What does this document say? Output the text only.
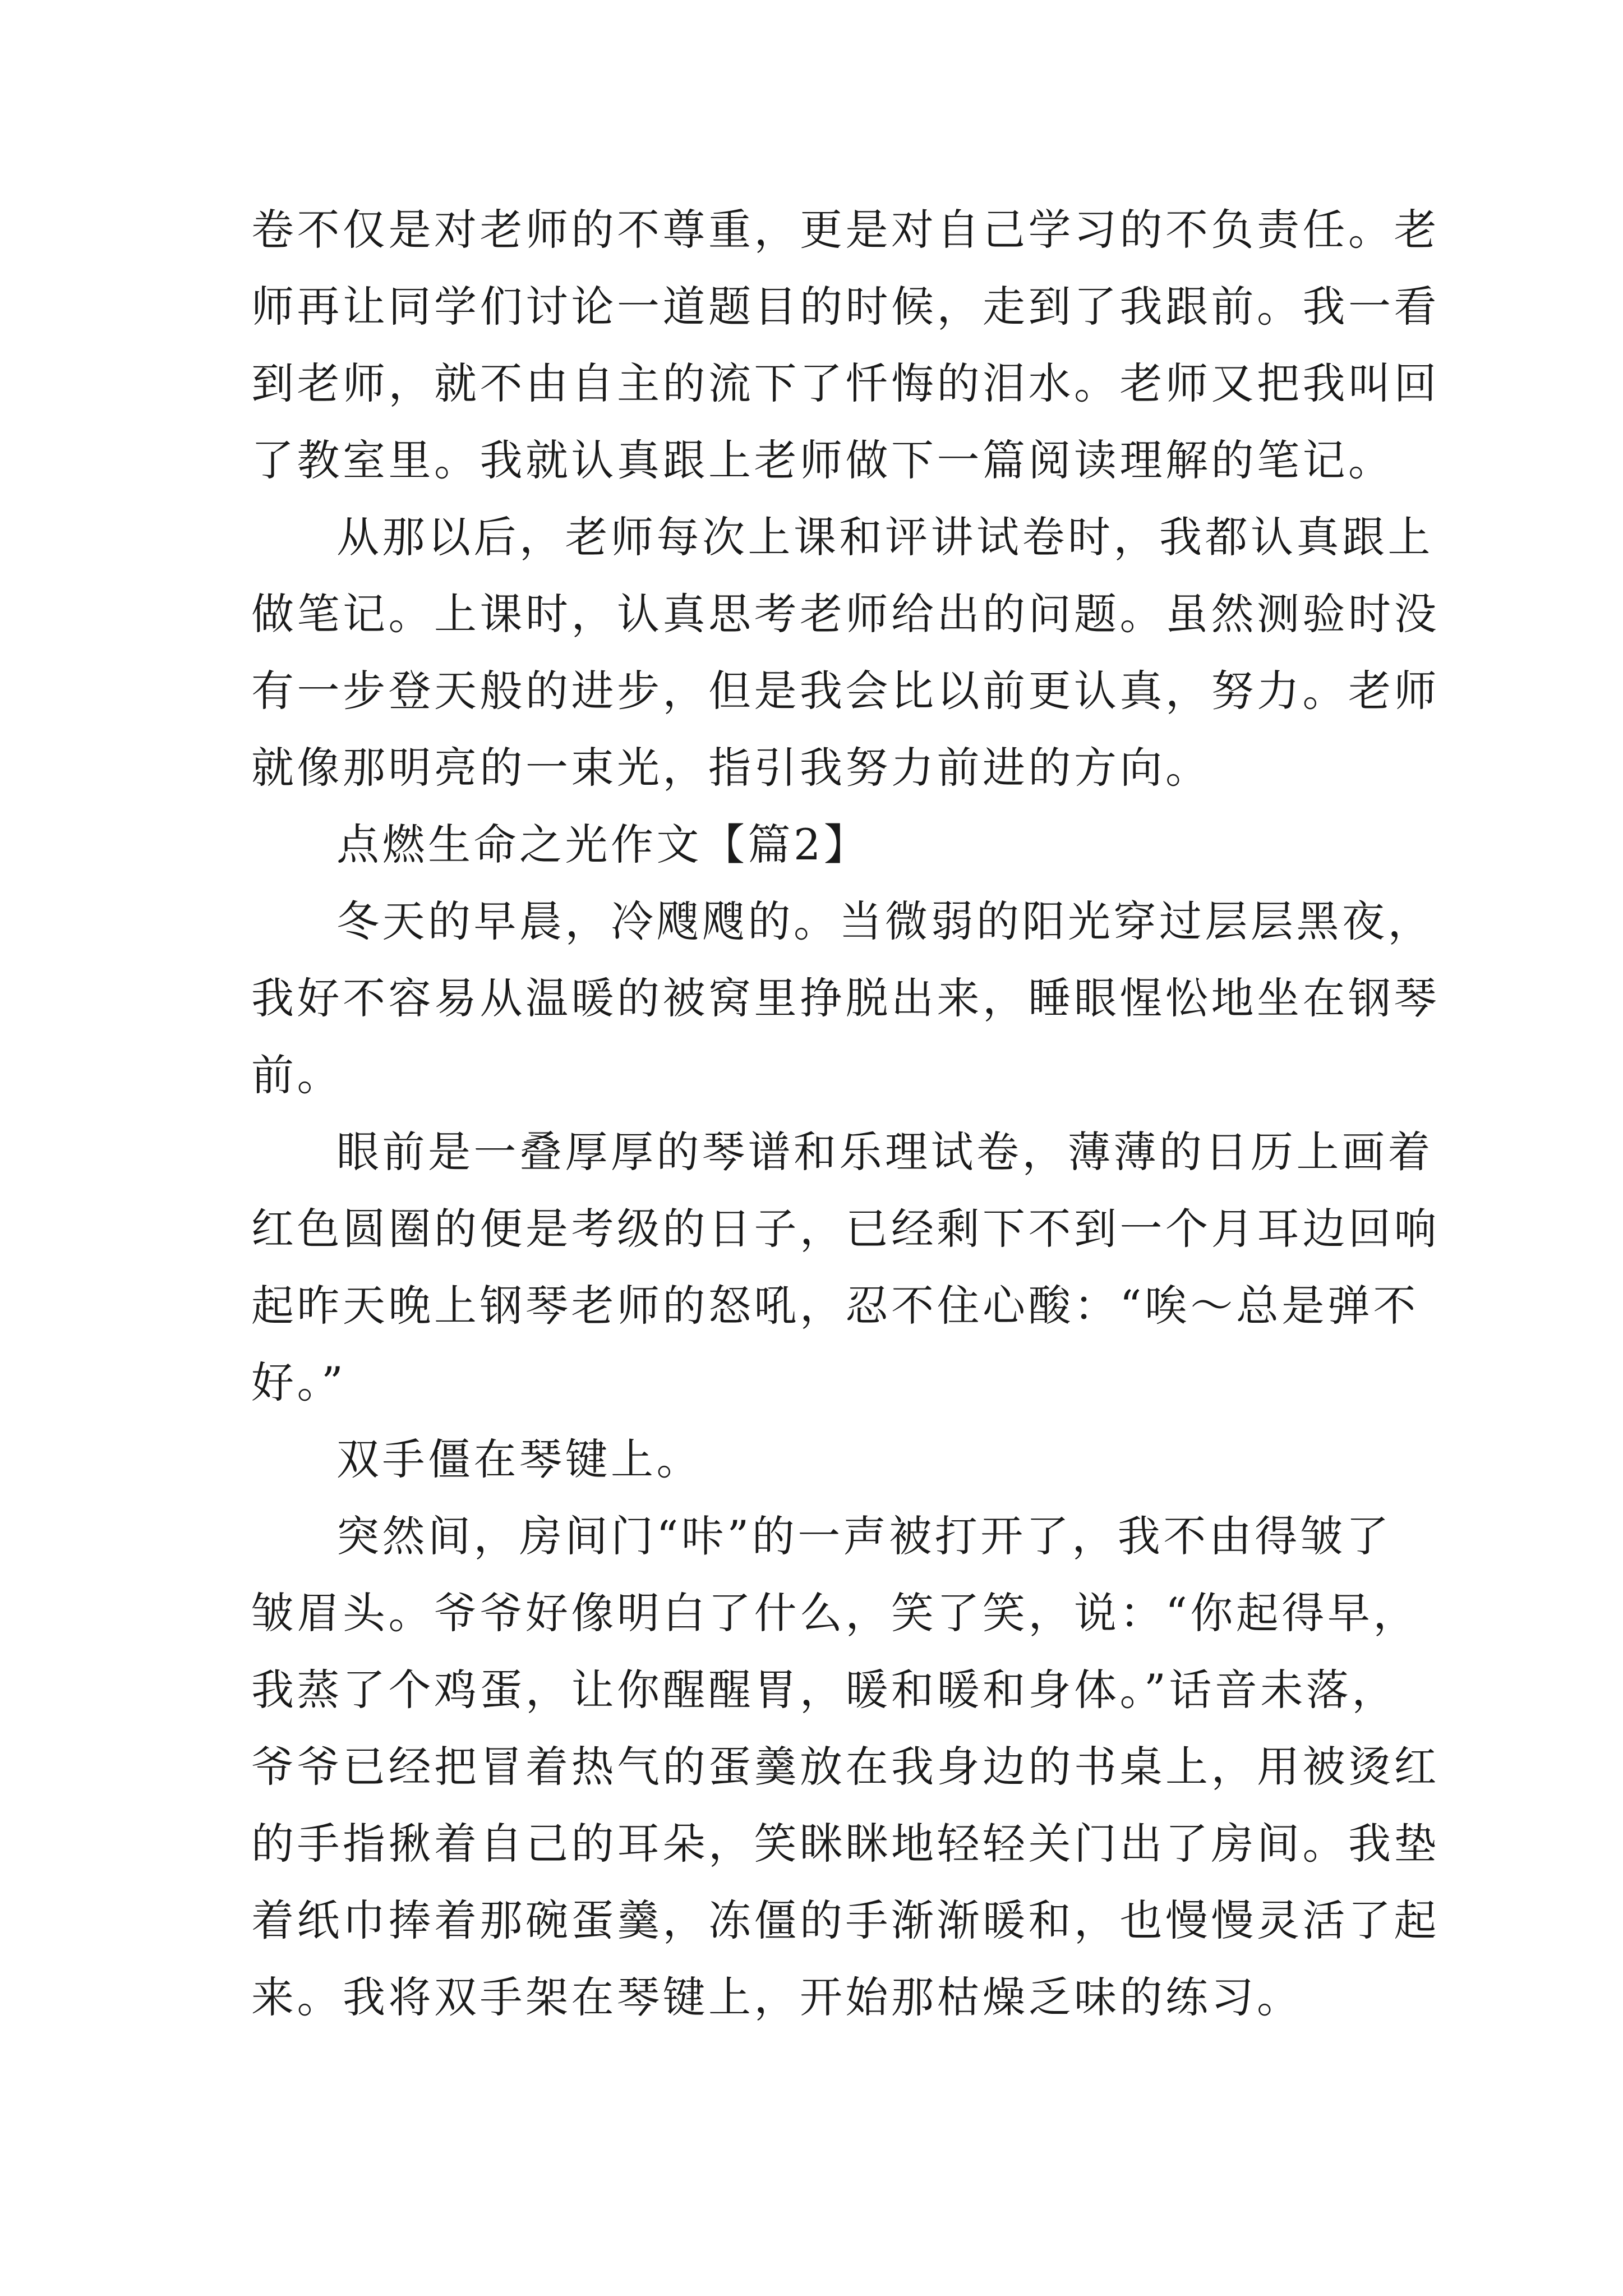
卷不仅是对老师的不尊重，更是对自己学习的不负责任。老

师再让同学们讨论一道题目的时候，走到了我跟前。我一看

到老师，就不由自主的流下了忏悔的泪水。老师又把我叫回

了教室里。我就认真跟上老师做下一篇阅读理解的笔记。

从那以后，老师每次上课和评讲试卷时，我都认真跟上

做笔记。上课时，认真思考老师给出的问题。虽然测验时没

有一步登天般的进步，但是我会比以前更认真，努力。老师

就像那明亮的一束光，指引我努力前进的方向。

点燃生命之光作文【篇2】

冬天的早晨，冷飕飕的。当微弱的阳光穿过层层黑夜，

我好不容易从温暖的被窝里挣脱出来，睡眼惺忪地坐在钢琴

前。

眼前是一叠厚厚的琴谱和乐理试卷，薄薄的日历上画着

红色圆圈的便是考级的日子，已经剩下不到一个月耳边回响

起昨天晚上钢琴老师的怒吼，忍不住心酸：“唉～总是弹不

好。”

双手僵在琴键上。

突然间，房间门“咔”的一声被打开了，我不由得皱了

皱眉头。爷爷好像明白了什么，笑了笑，说：“你起得早，

我蒸了个鸡蛋，让你醒醒胃，暖和暖和身体。”话音未落，

爷爷已经把冒着热气的蛋羹放在我身边的书桌上，用被烫红

的手指揪着自己的耳朵，笑眯眯地轻轻关门出了房间。我垫

着纸巾捧着那碗蛋羹，冻僵的手渐渐暖和，也慢慢灵活了起

来。我将双手架在琴键上，开始那枯燥乏味的练习。
